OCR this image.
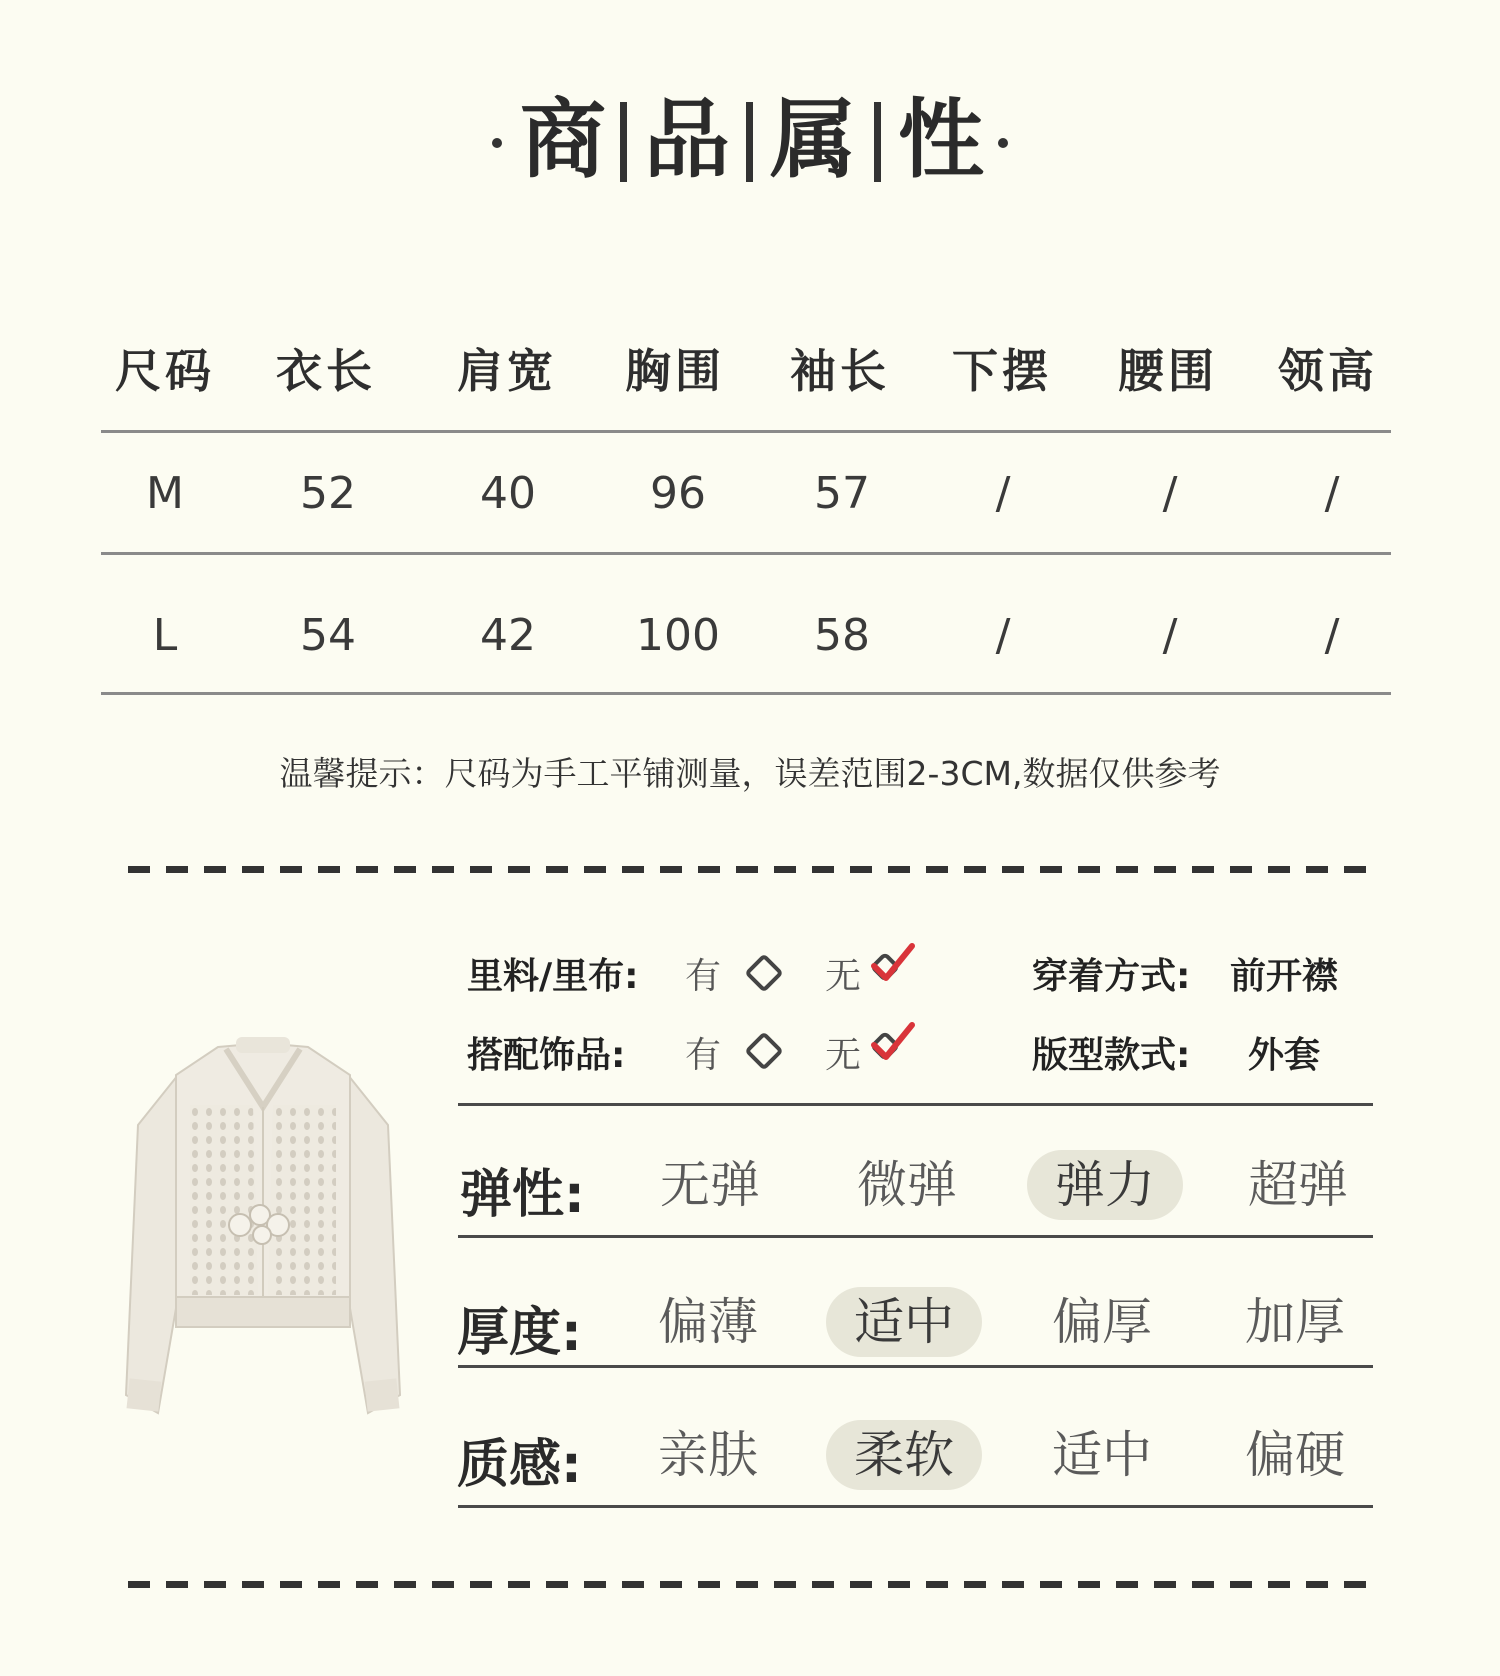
商 品 属 性
尺码	衣长	肩宽	胸围	袖长	下摆	腰围	领高
M	52	40	96	57	/	/	/
L	54	42	100	58	/	/	/
温馨提示：尺码为手工平铺测量，误差范围2-3CM,数据仅供参考
里料/里布: 有	无	穿着方式: 前开襟
搭配饰品: 有	无	版型款式: 外套
弹性:	无弹	微弹	弹力	超弹
厚度:	偏薄	适中	偏厚	加厚
质感:	亲肤	柔软	适中	偏硬
